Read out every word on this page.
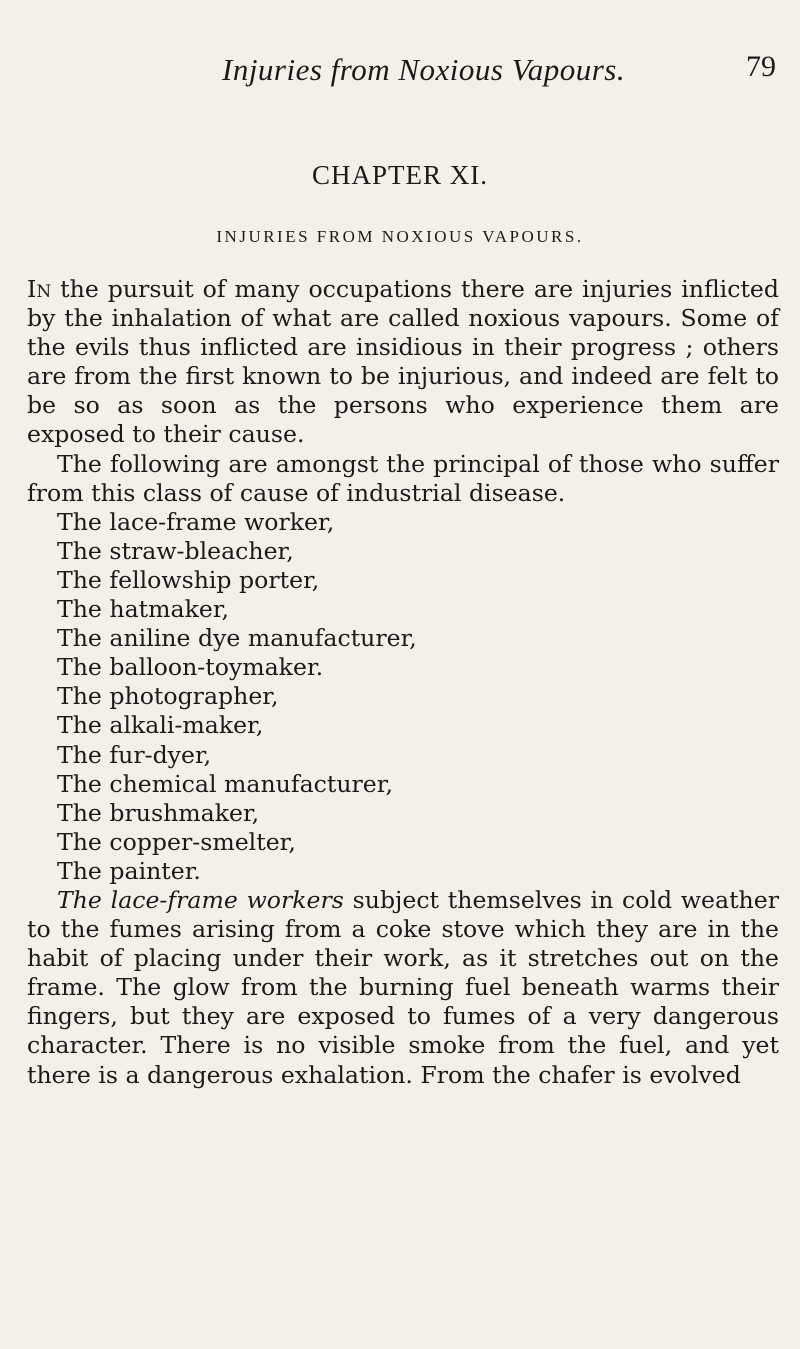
Injuries from Noxious Vapours.	79
CHAPTER XI.
INJURIES FROM NOXIOUS VAPOURS.

In the pursuit of many occupations there are injuries inflicted by the inhalation of what are called noxious vapours. Some of the evils thus inflicted are insidious in their progress ; others are from the first known to be injurious, and indeed are felt to be so as soon as the persons who experience them are exposed to their cause.

The following are amongst the principal of those who suffer from this class of cause of industrial disease.

The lace-frame worker,
The straw-bleacher,
The fellowship porter,
The hatmaker,
The aniline dye manufacturer,
The balloon-toymaker.
The photographer,
The alkali-maker,
The fur-dyer,
The chemical manufacturer,
The brushmaker,
The copper-smelter,
The painter.

The lace-frame workers subject themselves in cold weather to the fumes arising from a coke stove which they are in the habit of placing under their work, as it stretches out on the frame. The glow from the burning fuel beneath warms their fingers, but they are exposed to fumes of a very dangerous character. There is no visible smoke from the fuel, and yet there is a dangerous exhalation. From the chafer is evolved
